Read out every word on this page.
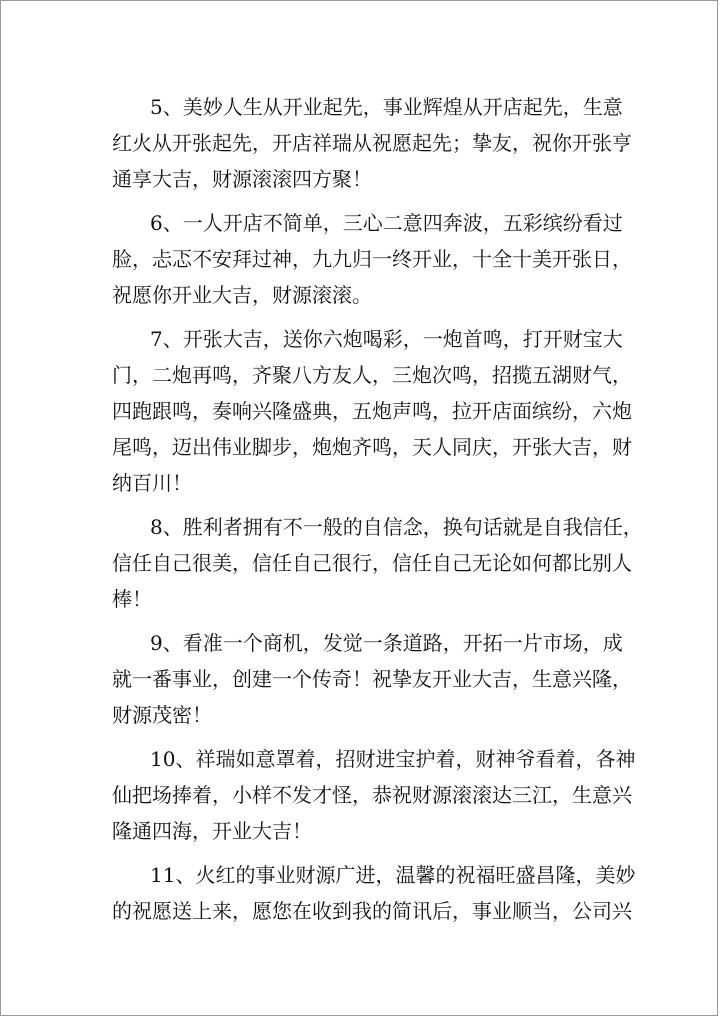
5、美妙人生从开业起先，事业辉煌从开店起先，生意
红火从开张起先，开店祥瑞从祝愿起先；挚友，祝你开张亨
通享大吉，财源滚滚四方聚！
6、一人开店不简单，三心二意四奔波，五彩缤纷看过
脸，忐忑不安拜过神，九九归一终开业，十全十美开张日，
祝愿你开业大吉，财源滚滚。
7、开张大吉，送你六炮喝彩，一炮首鸣，打开财宝大
门，二炮再鸣，齐聚八方友人，三炮次鸣，招揽五湖财气，
四跑跟鸣，奏响兴隆盛典，五炮声鸣，拉开店面缤纷，六炮
尾鸣，迈出伟业脚步，炮炮齐鸣，天人同庆，开张大吉，财
纳百川！
8、胜利者拥有不一般的自信念，换句话就是自我信任，
信任自己很美，信任自己很行，信任自己无论如何都比别人
棒！
9、看准一个商机，发觉一条道路，开拓一片市场，成
就一番事业，创建一个传奇！祝挚友开业大吉，生意兴隆，
财源茂密！
10、祥瑞如意罩着，招财进宝护着，财神爷看着，各神
仙把场捧着，小样不发才怪，恭祝财源滚滚达三江，生意兴
隆通四海，开业大吉！
11、火红的事业财源广进，温馨的祝福旺盛昌隆，美妙
的祝愿送上来，愿您在收到我的简讯后，事业顺当，公司兴
